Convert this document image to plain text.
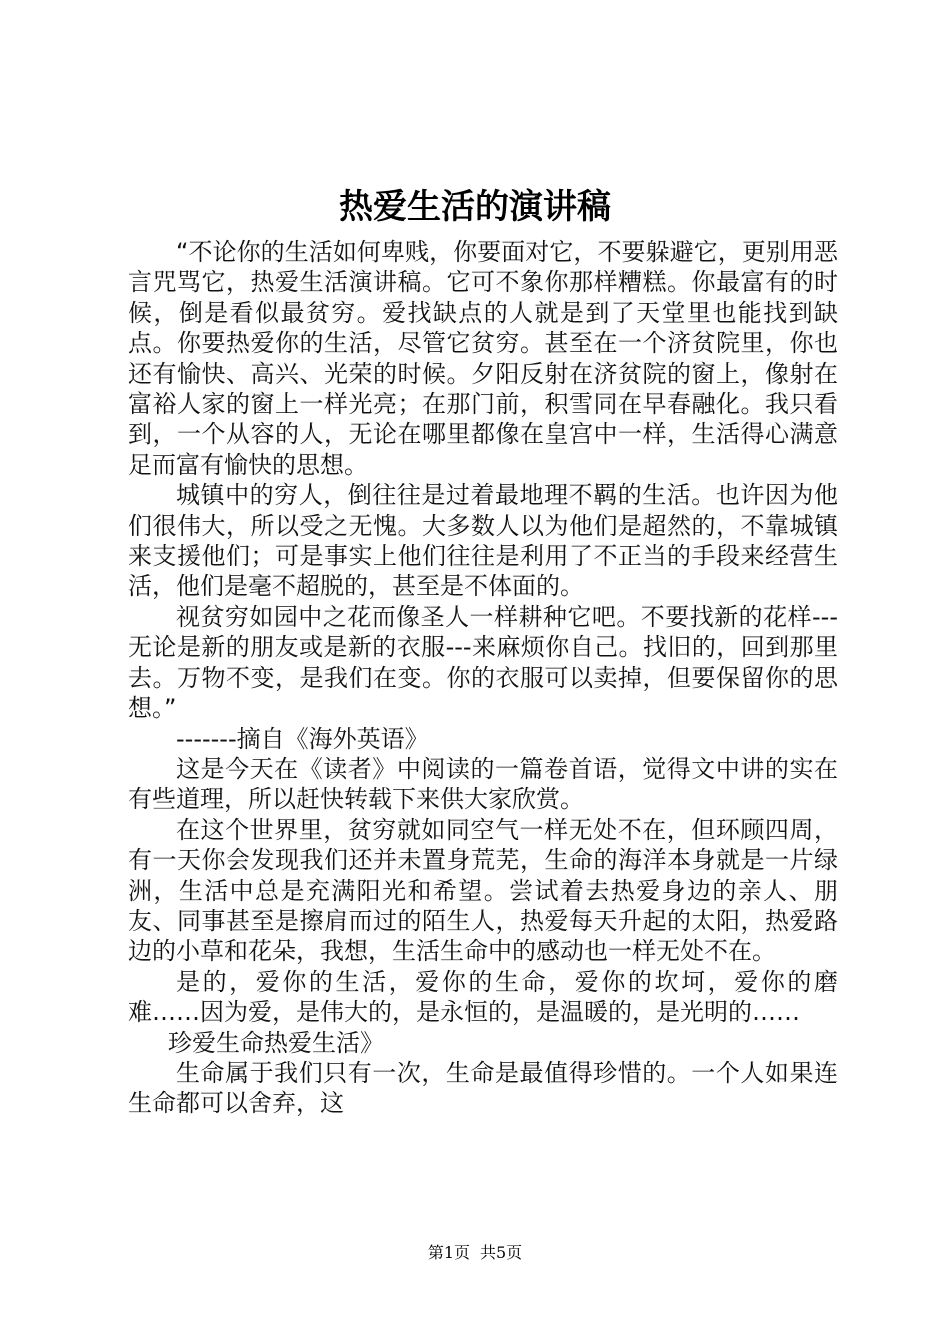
热爱生活的演讲稿

“不论你的生活如何卑贱，你要面对它，不要躲避它，更别用恶言咒骂它，热爱生活演讲稿。它可不象你那样糟糕。你最富有的时候，倒是看似最贫穷。爱找缺点的人就是到了天堂里也能找到缺点。你要热爱你的生活，尽管它贫穷。甚至在一个济贫院里，你也还有愉快、高兴、光荣的时候。夕阳反射在济贫院的窗上，像射在富裕人家的窗上一样光亮；在那门前，积雪同在早春融化。我只看到，一个从容的人，无论在哪里都像在皇宫中一样，生活得心满意足而富有愉快的思想。

城镇中的穷人，倒往往是过着最地理不羁的生活。也许因为他们很伟大，所以受之无愧。大多数人以为他们是超然的，不靠城镇来支援他们；可是事实上他们往往是利用了不正当的手段来经营生活，他们是毫不超脱的，甚至是不体面的。

视贫穷如园中之花而像圣人一样耕种它吧。不要找新的花样---无论是新的朋友或是新的衣服---来麻烦你自己。找旧的，回到那里去。万物不变，是我们在变。你的衣服可以卖掉，但要保留你的思想。”

-------摘自《海外英语》

这是今天在《读者》中阅读的一篇卷首语，觉得文中讲的实在有些道理，所以赶快转载下来供大家欣赏。

在这个世界里，贫穷就如同空气一样无处不在，但环顾四周，有一天你会发现我们还并未置身荒芜，生命的海洋本身就是一片绿洲，生活中总是充满阳光和希望。尝试着去热爱身边的亲人、朋友、同事甚至是擦肩而过的陌生人，热爱每天升起的太阳，热爱路边的小草和花朵，我想，生活生命中的感动也一样无处不在。

是的，爱你的生活，爱你的生命，爱你的坎坷，爱你的磨难……因为爱，是伟大的，是永恒的，是温暖的，是光明的……

珍爱生命热爱生活》

生命属于我们只有一次，生命是最值得珍惜的。一个人如果连生命都可以舍弃，这

第1页 共5页
